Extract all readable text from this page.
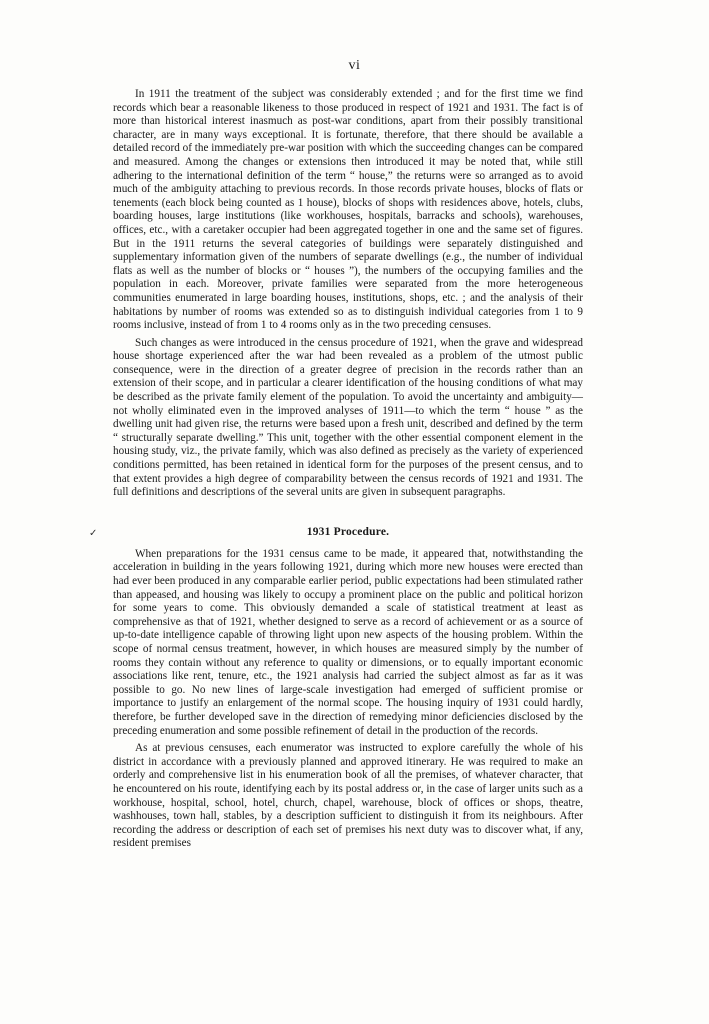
vi
✓

In 1911 the treatment of the subject was considerably extended ; and for the first time we find records which bear a reasonable likeness to those produced in respect of 1921 and 1931. The fact is of more than historical interest inasmuch as post-war conditions, apart from their possibly transitional character, are in many ways exceptional. It is fortunate, therefore, that there should be available a detailed record of the immediately pre-war position with which the succeeding changes can be compared and measured. Among the changes or extensions then introduced it may be noted that, while still adhering to the international definition of the term “ house,” the returns were so arranged as to avoid much of the ambiguity attaching to previous records. In those records private houses, blocks of flats or tenements (each block being counted as 1 house), blocks of shops with residences above, hotels, clubs, boarding houses, large institutions (like workhouses, hospitals, barracks and schools), warehouses, offices, etc., with a caretaker occupier had been aggregated together in one and the same set of figures. But in the 1911 returns the several categories of buildings were separately distinguished and supplementary information given of the numbers of separate dwellings (e.g., the number of individual flats as well as the number of blocks or “ houses ”), the numbers of the occupying families and the population in each. Moreover, private families were separated from the more heterogeneous communities enumerated in large boarding houses, institutions, shops, etc. ; and the analysis of their habitations by number of rooms was extended so as to distinguish individual categories from 1 to 9 rooms inclusive, instead of from 1 to 4 rooms only as in the two preceding censuses.

Such changes as were introduced in the census procedure of 1921, when the grave and widespread house shortage experienced after the war had been revealed as a problem of the utmost public consequence, were in the direction of a greater degree of precision in the records rather than an extension of their scope, and in particular a clearer identification of the housing conditions of what may be described as the private family element of the population. To avoid the uncertainty and ambiguity—not wholly eliminated even in the improved analyses of 1911—to which the term “ house ” as the dwelling unit had given rise, the returns were based upon a fresh unit, described and defined by the term “ structurally separate dwelling.” This unit, together with the other essential component element in the housing study, viz., the private family, which was also defined as precisely as the variety of experienced conditions permitted, has been retained in identical form for the purposes of the present census, and to that extent provides a high degree of comparability between the census records of 1921 and 1931. The full definitions and descriptions of the several units are given in subsequent paragraphs.

1931 Procedure.

When preparations for the 1931 census came to be made, it appeared that, notwithstanding the acceleration in building in the years following 1921, during which more new houses were erected than had ever been produced in any comparable earlier period, public expectations had been stimulated rather than appeased, and housing was likely to occupy a prominent place on the public and political horizon for some years to come. This obviously demanded a scale of statistical treatment at least as comprehensive as that of 1921, whether designed to serve as a record of achievement or as a source of up-to-date intelligence capable of throwing light upon new aspects of the housing problem. Within the scope of normal census treatment, however, in which houses are measured simply by the number of rooms they contain without any reference to quality or dimensions, or to equally important economic associations like rent, tenure, etc., the 1921 analysis had carried the subject almost as far as it was possible to go. No new lines of large-scale investigation had emerged of sufficient promise or importance to justify an enlargement of the normal scope. The housing inquiry of 1931 could hardly, therefore, be further developed save in the direction of remedying minor deficiencies disclosed by the preceding enumeration and some possible refinement of detail in the production of the records.

As at previous censuses, each enumerator was instructed to explore carefully the whole of his district in accordance with a previously planned and approved itinerary. He was required to make an orderly and comprehensive list in his enumeration book of all the premises, of whatever character, that he encountered on his route, identifying each by its postal address or, in the case of larger units such as a workhouse, hospital, school, hotel, church, chapel, warehouse, block of offices or shops, theatre, washhouses, town hall, stables, by a description sufficient to distinguish it from its neighbours. After recording the address or description of each set of premises his next duty was to discover what, if any, resident premises
